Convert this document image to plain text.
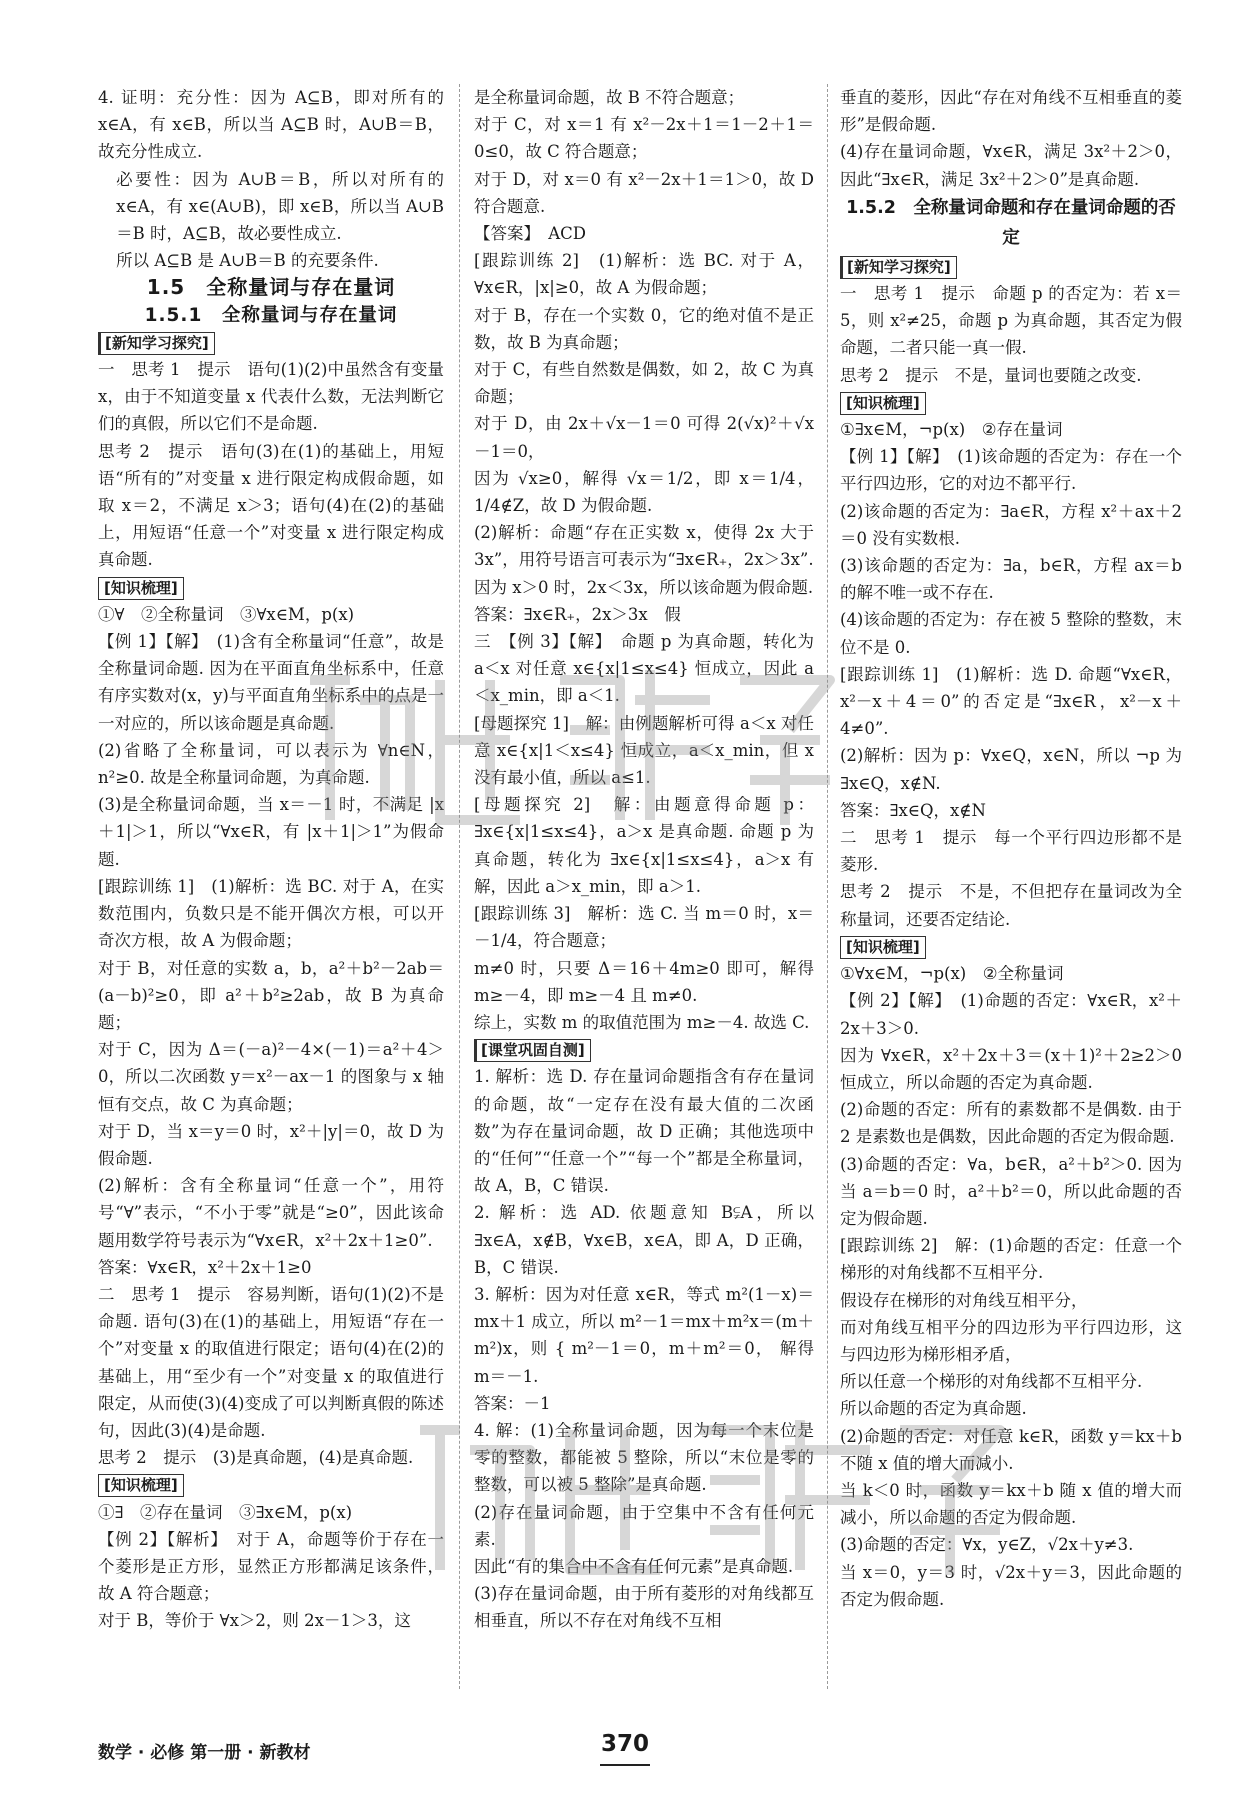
4. 证明：充分性：因为 A⊆B，即对所有的 x∈A，有 x∈B，所以当 A⊆B 时，A∪B＝B，故充分性成立.

必要性：因为 A∪B＝B，所以对所有的 x∈A，有 x∈(A∪B)，即 x∈B，所以当 A∪B＝B 时，A⊆B，故必要性成立.

所以 A⊆B 是 A∪B＝B 的充要条件.

1.5　全称量词与存在量词

1.5.1　全称量词与存在量词

[新知学习探究]

一　思考 1　提示　语句(1)(2)中虽然含有变量 x，由于不知道变量 x 代表什么数，无法判断它们的真假，所以它们不是命题.

思考 2　提示　语句(3)在(1)的基础上，用短语“所有的”对变量 x 进行限定构成假命题，如取 x＝2，不满足 x＞3；语句(4)在(2)的基础上，用短语“任意一个”对变量 x 进行限定构成真命题.

[知识梳理]

①∀　②全称量词　③∀x∈M，p(x)

【例 1】【解】　(1)含有全称量词“任意”，故是全称量词命题. 因为在平面直角坐标系中，任意有序实数对(x，y)与平面直角坐标系中的点是一一对应的，所以该命题是真命题.

(2)省略了全称量词，可以表示为 ∀n∈N，n²≥0. 故是全称量词命题，为真命题.

(3)是全称量词命题，当 x＝－1 时，不满足 |x＋1|＞1，所以“∀x∈R，有 |x＋1|＞1”为假命题.

[跟踪训练 1]　(1)解析：选 BC. 对于 A，在实数范围内，负数只是不能开偶次方根，可以开奇次方根，故 A 为假命题；

对于 B，对任意的实数 a，b，a²＋b²－2ab＝(a－b)²≥0，即 a²＋b²≥2ab，故 B 为真命题；

对于 C，因为 Δ＝(－a)²－4×(－1)＝a²＋4＞0，所以二次函数 y＝x²－ax－1 的图象与 x 轴恒有交点，故 C 为真命题；

对于 D，当 x＝y＝0 时，x²＋|y|＝0，故 D 为假命题.

(2)解析：含有全称量词“任意一个”，用符号“∀”表示，“不小于零”就是“≥0”，因此该命题用数学符号表示为“∀x∈R，x²＋2x＋1≥0”.

答案：∀x∈R，x²＋2x＋1≥0

二　思考 1　提示　容易判断，语句(1)(2)不是命题. 语句(3)在(1)的基础上，用短语“存在一个”对变量 x 的取值进行限定；语句(4)在(2)的基础上，用“至少有一个”对变量 x 的取值进行限定，从而使(3)(4)变成了可以判断真假的陈述句，因此(3)(4)是命题.

思考 2　提示　(3)是真命题，(4)是真命题.

[知识梳理]

①∃　②存在量词　③∃x∈M，p(x)

【例 2】【解析】　对于 A，命题等价于存在一个菱形是正方形，显然正方形都满足该条件，故 A 符合题意；

对于 B，等价于 ∀x＞2，则 2x－1＞3，这

是全称量词命题，故 B 不符合题意；

对于 C，对 x＝1 有 x²－2x＋1＝1－2＋1＝0≤0，故 C 符合题意；

对于 D，对 x＝0 有 x²－2x＋1＝1＞0，故 D 符合题意.

【答案】　ACD

[跟踪训练 2]　(1)解析：选 BC. 对于 A，∀x∈R，|x|≥0，故 A 为假命题；

对于 B，存在一个实数 0，它的绝对值不是正数，故 B 为真命题；

对于 C，有些自然数是偶数，如 2，故 C 为真命题；

对于 D，由 2x＋√x－1＝0 可得 2(√x)²＋√x－1＝0，

因为 √x≥0，解得 √x＝1/2，即 x＝1/4，1/4∉Z，故 D 为假命题.

(2)解析：命题“存在正实数 x，使得 2x 大于 3x”，用符号语言可表示为“∃x∈R₊，2x＞3x”.

因为 x＞0 时，2x＜3x，所以该命题为假命题.

答案：∃x∈R₊，2x＞3x　假

三　【例 3】【解】　命题 p 为真命题，转化为 a＜x 对任意 x∈{x|1≤x≤4} 恒成立，因此 a＜x_min，即 a＜1.

[母题探究 1]　解：由例题解析可得 a＜x 对任意 x∈{x|1＜x≤4} 恒成立，a＜x_min，但 x 没有最小值，所以 a≤1.

[母题探究 2]　解：由题意得命题 p：∃x∈{x|1≤x≤4}，a＞x 是真命题. 命题 p 为真命题，转化为 ∃x∈{x|1≤x≤4}，a＞x 有解，因此 a＞x_min，即 a＞1.

[跟踪训练 3]　解析：选 C. 当 m＝0 时，x＝－1/4，符合题意；

m≠0 时，只要 Δ＝16＋4m≥0 即可，解得 m≥－4，即 m≥－4 且 m≠0.

综上，实数 m 的取值范围为 m≥－4. 故选 C.

[课堂巩固自测]

1. 解析：选 D. 存在量词命题指含有存在量词的命题，故“一定存在没有最大值的二次函数”为存在量词命题，故 D 正确；其他选项中的“任何”“任意一个”“每一个”都是全称量词，故 A，B，C 错误.

2. 解析：选 AD. 依题意知 B⫋A，所以 ∃x∈A，x∉B，∀x∈B，x∈A，即 A，D 正确，B，C 错误.

3. 解析：因为对任意 x∈R，等式 m²(1－x)＝mx＋1 成立，所以 m²－1＝mx＋m²x＝(m＋m²)x，则 { m²－1＝0，m＋m²＝0， 解得 m＝－1.

答案：－1

4. 解：(1)全称量词命题，因为每一个末位是零的整数，都能被 5 整除，所以“末位是零的整数，可以被 5 整除”是真命题.

(2)存在量词命题，由于空集中不含有任何元素.

因此“有的集合中不含有任何元素”是真命题.

(3)存在量词命题，由于所有菱形的对角线都互相垂直，所以不存在对角线不互相

垂直的菱形，因此“存在对角线不互相垂直的菱形”是假命题.

(4)存在量词命题，∀x∈R，满足 3x²＋2＞0，因此“∃x∈R，满足 3x²＋2＞0”是真命题.

1.5.2　全称量词命题和存在量词命题的否定

[新知学习探究]

一　思考 1　提示　命题 p 的否定为：若 x＝5，则 x²≠25，命题 p 为真命题，其否定为假命题，二者只能一真一假.

思考 2　提示　不是，量词也要随之改变.

[知识梳理]

①∃x∈M，¬p(x)　②存在量词

【例 1】【解】　(1)该命题的否定为：存在一个平行四边形，它的对边不都平行.

(2)该命题的否定为：∃a∈R，方程 x²＋ax＋2＝0 没有实数根.

(3)该命题的否定为：∃a，b∈R，方程 ax＝b 的解不唯一或不存在.

(4)该命题的否定为：存在被 5 整除的整数，末位不是 0.

[跟踪训练 1]　(1)解析：选 D. 命题“∀x∈R，x²－x＋4＝0”的否定是“∃x∈R，x²－x＋4≠0”.

(2)解析：因为 p：∀x∈Q，x∈N，所以 ¬p 为 ∃x∈Q，x∉N.

答案：∃x∈Q，x∉N

二　思考 1　提示　每一个平行四边形都不是菱形.

思考 2　提示　不是，不但把存在量词改为全称量词，还要否定结论.

[知识梳理]

①∀x∈M，¬p(x)　②全称量词

【例 2】【解】　(1)命题的否定：∀x∈R，x²＋2x＋3＞0.

因为 ∀x∈R，x²＋2x＋3＝(x＋1)²＋2≥2＞0 恒成立，所以命题的否定为真命题.

(2)命题的否定：所有的素数都不是偶数. 由于 2 是素数也是偶数，因此命题的否定为假命题.

(3)命题的否定：∀a，b∈R，a²＋b²＞0. 因为当 a＝b＝0 时，a²＋b²＝0，所以此命题的否定为假命题.

[跟踪训练 2]　解：(1)命题的否定：任意一个梯形的对角线都不互相平分.

假设存在梯形的对角线互相平分，

而对角线互相平分的四边形为平行四边形，这与四边形为梯形相矛盾，

所以任意一个梯形的对角线都不互相平分.

所以命题的否定为真命题.

(2)命题的否定：对任意 k∈R，函数 y＝kx＋b 不随 x 值的增大而减小.

当 k＜0 时，函数 y＝kx＋b 随 x 值的增大而减小，所以命题的否定为假命题.

(3)命题的否定：∀x，y∈Z，√2x＋y≠3.

当 x＝0，y＝3 时，√2x＋y＝3，因此命题的否定为假命题.

数学 · 必修 第一册 · 新教材	370
